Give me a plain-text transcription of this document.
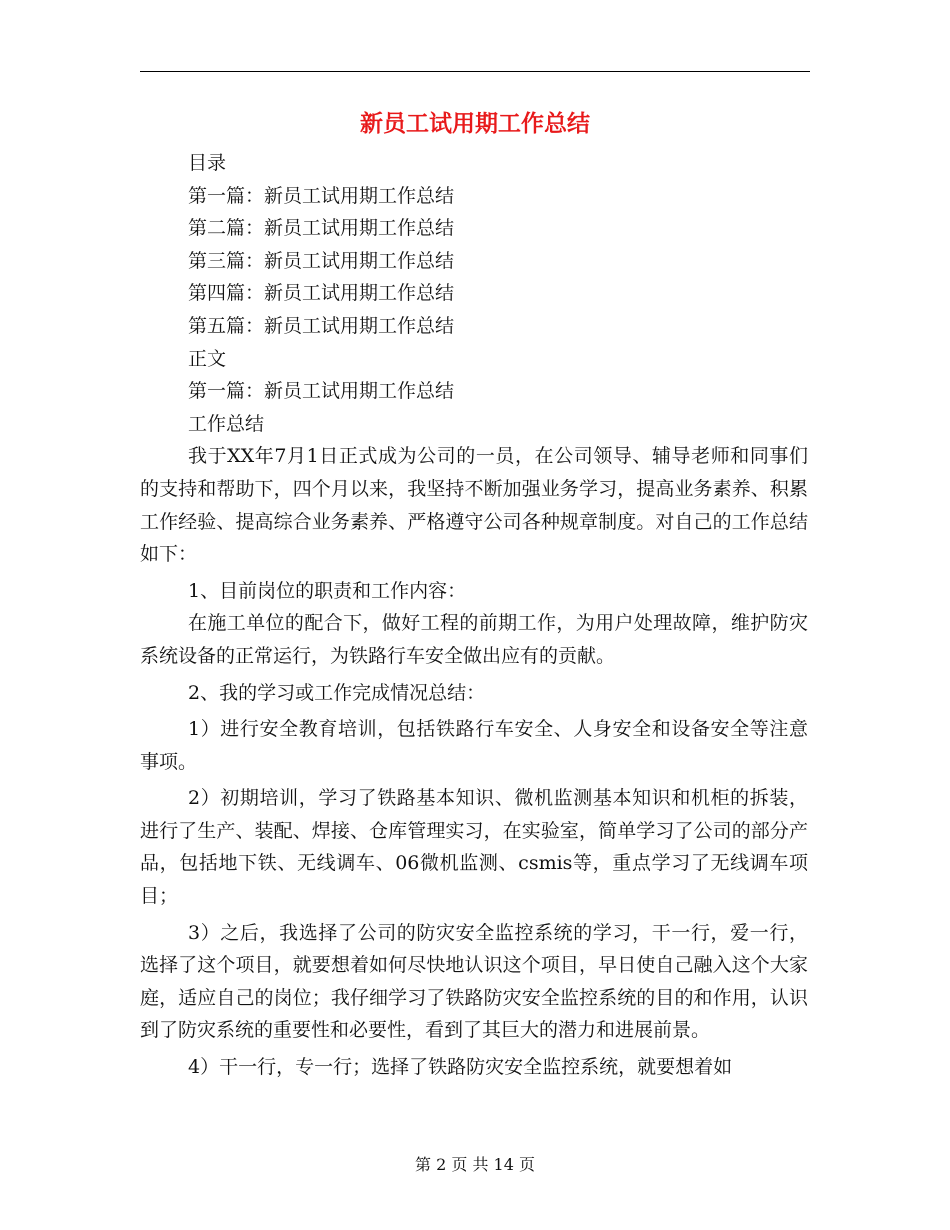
新员工试用期工作总结

目录

第一篇：新员工试用期工作总结

第二篇：新员工试用期工作总结

第三篇：新员工试用期工作总结

第四篇：新员工试用期工作总结

第五篇：新员工试用期工作总结

正文

第一篇：新员工试用期工作总结

工作总结

我于XX年7月1日正式成为公司的一员，在公司领导、辅导老师和同事们的支持和帮助下，四个月以来，我坚持不断加强业务学习，提高业务素养、积累工作经验、提高综合业务素养、严格遵守公司各种规章制度。对自己的工作总结如下：

1、目前岗位的职责和工作内容：

在施工单位的配合下，做好工程的前期工作，为用户处理故障，维护防灾系统设备的正常运行，为铁路行车安全做出应有的贡献。

2、我的学习或工作完成情况总结：

1）进行安全教育培训，包括铁路行车安全、人身安全和设备安全等注意事项。

2）初期培训，学习了铁路基本知识、微机监测基本知识和机柜的拆装，进行了生产、装配、焊接、仓库管理实习，在实验室，简单学习了公司的部分产品，包括地下铁、无线调车、06微机监测、csmis等，重点学习了无线调车项目；

3）之后，我选择了公司的防灾安全监控系统的学习，干一行，爱一行，选择了这个项目，就要想着如何尽快地认识这个项目，早日使自己融入这个大家庭，适应自己的岗位；我仔细学习了铁路防灾安全监控系统的目的和作用，认识到了防灾系统的重要性和必要性，看到了其巨大的潜力和进展前景。

4）干一行，专一行；选择了铁路防灾安全监控系统，就要想着如

第 2 页 共 14 页
